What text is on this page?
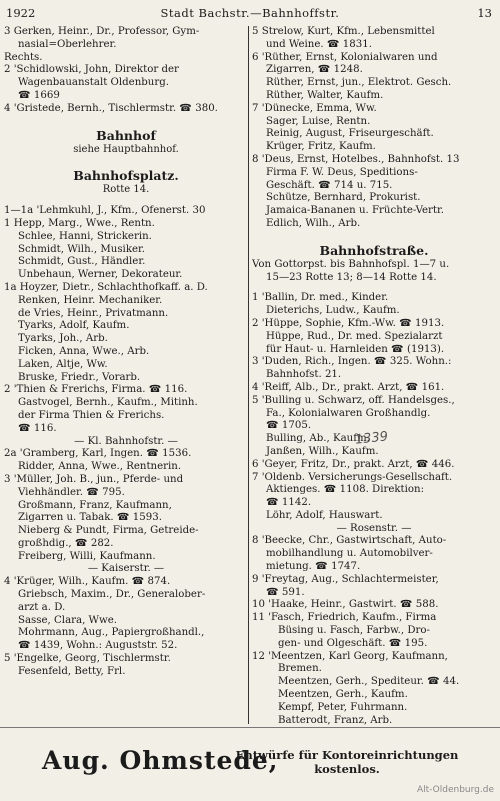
1922	Stadt Bachstr.—Bahnhoffstr.	13
3 Gerken, Heinr., Dr., Professor, Gym-
nasial=Oberlehrer.
Rechts.
2 'Schidlowski, John, Direktor der
Wagenbauanstalt Oldenburg.
☎ 1669
4 'Gristede, Bernh., Tischlermstr. ☎ 380.
Bahnhof
siehe Hauptbahnhof.
Bahnhofsplatz.
Rotte 14.
1—1a 'Lehmkuhl, J., Kfm., Ofenerst. 30
1 Hepp, Marg., Wwe., Rentn.
Schlee, Hanni, Strickerin.
Schmidt, Wilh., Musiker.
Schmidt, Gust., Händler.
Unbehaun, Werner, Dekorateur.
1a Hoyzer, Dietr., Schlachthofkaff. a. D.
Renken, Heinr. Mechaniker.
de Vries, Heinr., Privatmann.
Tyarks, Adolf, Kaufm.
Tyarks, Joh., Arb.
Ficken, Anna, Wwe., Arb.
Laken, Altje, Ww.
Bruske, Friedr., Vorarb.
2 'Thien & Frerichs, Firma. ☎ 116.
Gastvogel, Bernh., Kaufm., Mitinh.
der Firma Thien & Frerichs.
☎ 116.
— Kl. Bahnhofstr. —
2a 'Gramberg, Karl, Ingen. ☎ 1536.
Ridder, Anna, Wwe., Rentnerin.
3 'Müller, Joh. B., jun., Pferde- und
Viehhändler. ☎ 795.
Großmann, Franz, Kaufmann,
Zigarren u. Tabak. ☎ 1593.
Nieberg & Pundt, Firma, Getreide-
großhdig., ☎ 282.
Freiberg, Willi, Kaufmann.
— Kaiserstr. —
4 'Krüger, Wilh., Kaufm. ☎ 874.
Griebsch, Maxim., Dr., Generalober-
arzt a. D.
Sasse, Clara, Wwe.
Mohrmann, Aug., Papiergroßhandl.,
☎ 1439, Wohn.: Auguststr. 52.
5 'Engelke, Georg, Tischlermstr.
Fesenfeld, Betty, Frl.
5 Strelow, Kurt, Kfm., Lebensmittel
und Weine. ☎ 1831.
6 'Rüther, Ernst, Kolonialwaren und
Zigarren, ☎ 1248.
Rüther, Ernst, jun., Elektrot. Gesch.
Rüther, Walter, Kaufm.
7 'Dünecke, Emma, Ww.
Sager, Luise, Rentn.
Reinig, August, Friseurgeschäft.
Krüger, Fritz, Kaufm.
8 'Deus, Ernst, Hotelbes., Bahnhofst. 13
Firma F. W. Deus, Speditions-
Geschäft. ☎ 714 u. 715.
Schütze, Bernhard, Prokurist.
Jamaica-Bananen u. Früchte-Vertr.
Edlich, Wilh., Arb.
Bahnhofstraße.
Von Gottorpst. bis Bahnhofspl. 1—7 u.
15—23 Rotte 13; 8—14 Rotte 14.
1 'Ballin, Dr. med., Kinder.
Dieterichs, Ludw., Kaufm.
2 'Hüppe, Sophie, Kfm.-Ww. ☎ 1913.
Hüppe, Rud., Dr. med. Spezialarzt
für Haut- u. Harnleiden ☎ (1913).
3 'Duden, Rich., Ingen. ☎ 325. Wohn.:
Bahnhofst. 21.
4 'Reiff, Alb., Dr., prakt. Arzt, ☎ 161.
5 'Bulling u. Schwarz, off. Handelsges.,
Fa., Kolonialwaren Großhandlg.
☎ 1705.
Bulling, Ab., Kaufm.
Janßen, Wilh., Kaufm.
6 'Geyer, Fritz, Dr., prakt. Arzt, ☎ 446.
7 'Oldenb. Versicherungs-Gesellschaft.
Aktienges. ☎ 1108. Direktion:
☎ 1142.
Löhr, Adolf, Hauswart.
— Rosenstr. —
8 'Beecke, Chr., Gastwirtschaft, Auto-
mobilhandlung u. Automobilver-
mietung. ☎ 1747.
9 'Freytag, Aug., Schlachtermeister,
☎ 591.
10 'Haake, Heinr., Gastwirt. ☎ 588.
11 'Fasch, Friedrich, Kaufm., Firma
Büsing u. Fasch, Farbw., Dro-
gen- und Ölgeschäft. ☎ 195.
12 'Meentzen, Karl Georg, Kaufmann,
Bremen.
Meentzen, Gerh., Spediteur. ☎ 44.
Meentzen, Gerh., Kaufm.
Kempf, Peter, Fuhrmann.
Batterodt, Franz, Arb.
1339
Aug. Ohmstede,
Entwürfe für Kontoreinrichtungen
kostenlos.
Alt-Oldenburg.de
